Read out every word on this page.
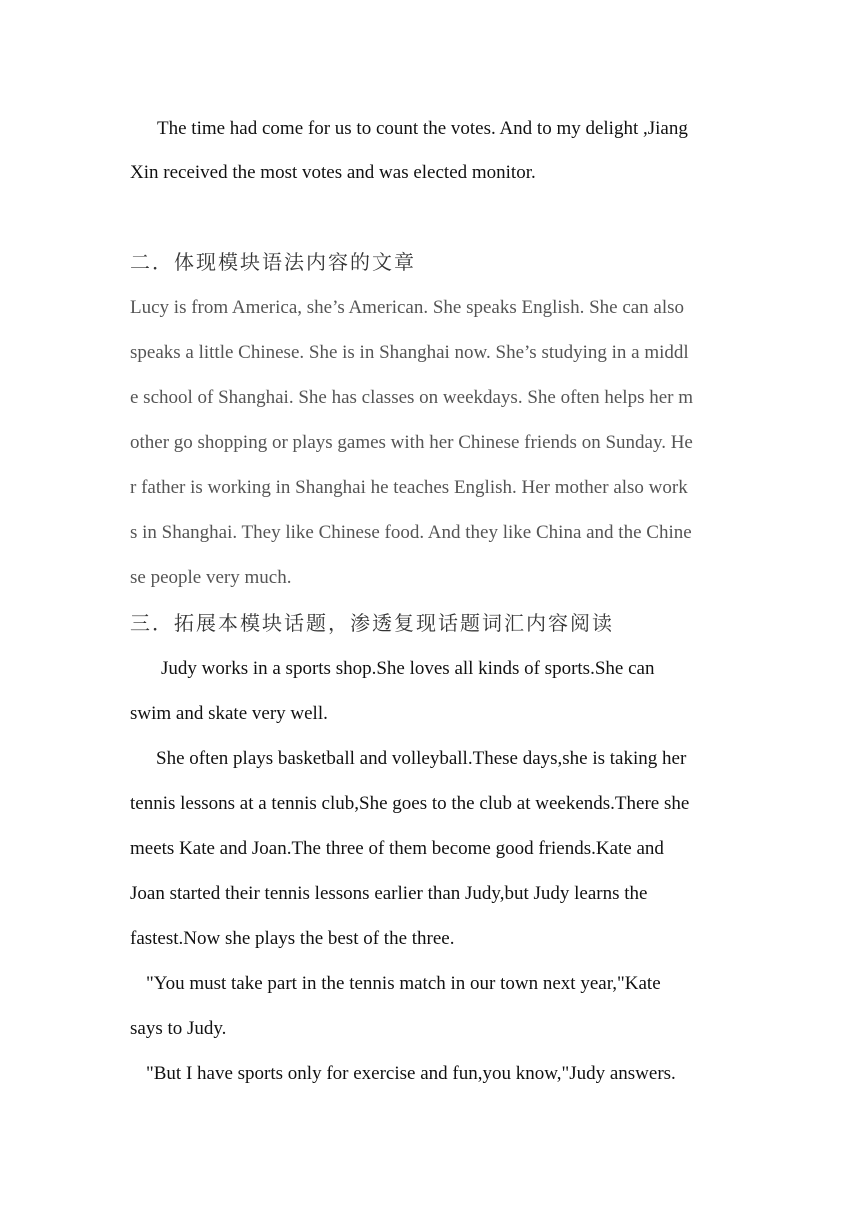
The time had come for us to count the votes. And to my delight ,Jiang
Xin received the most votes and was elected monitor.
二．体现模块语法内容的文章
Lucy is from America, she’s American. She speaks English. She can also
speaks a little Chinese. She is in Shanghai now. She’s studying in a middl
e school of Shanghai. She has classes on weekdays. She often helps her m
other go shopping or plays games with her Chinese friends on Sunday. He
r father is working in Shanghai he teaches English. Her mother also work
s in Shanghai. They like Chinese food. And they like China and the Chine
se people very much.
三．拓展本模块话题，渗透复现话题词汇内容阅读
Judy works in a sports shop.She loves all kinds of sports.She can
swim and skate very well.
She often plays basketball and volleyball.These days,she is taking her
tennis lessons at a tennis club,She goes to the club at weekends.There she
meets Kate and Joan.The three of them become good friends.Kate and
Joan started their tennis lessons earlier than Judy,but Judy learns the
fastest.Now she plays the best of the three.
"You must take part in the tennis match in our town next year,"Kate
says to Judy.
"But I have sports only for exercise and fun,you know,"Judy answers.
